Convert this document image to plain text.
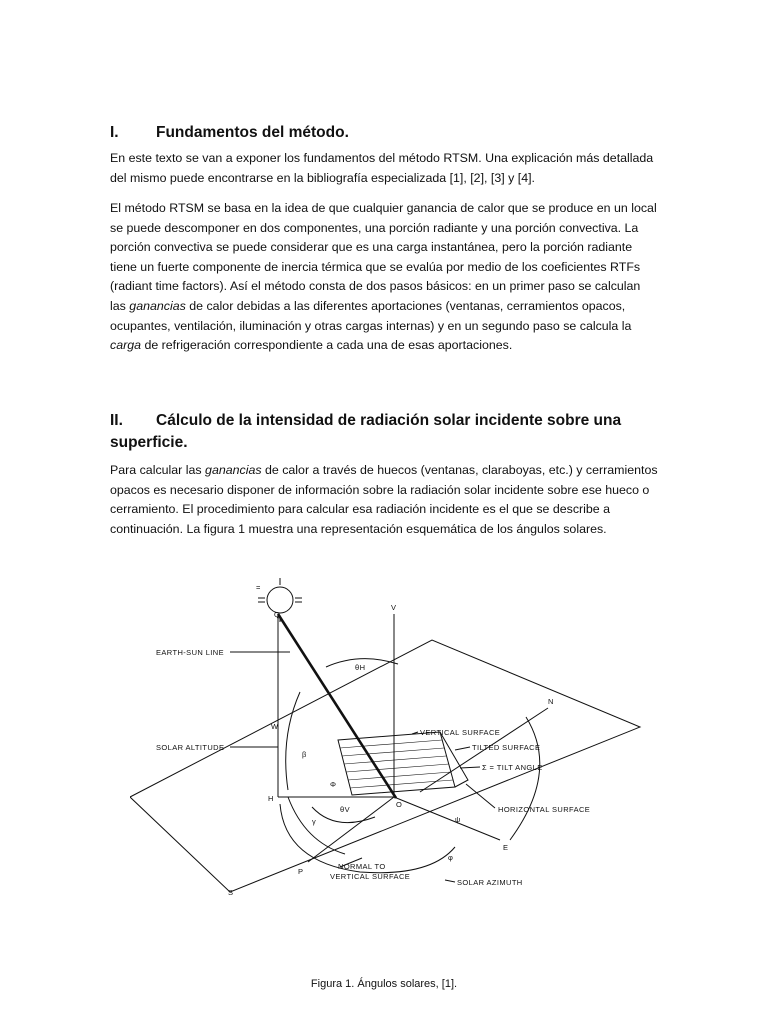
I. Fundamentos del método.

En este texto se van a exponer los fundamentos del método RTSM. Una explicación más detallada del mismo puede encontrarse en la bibliografía especializada [1], [2], [3] y [4].

El método RTSM se basa en la idea de que cualquier ganancia de calor que se produce en un local se puede descomponer en dos componentes, una porción radiante y una porción convectiva. La porción convectiva se puede considerar que es una carga instantánea, pero la porción radiante tiene un fuerte componente de inercia térmica que se evalúa por medio de los coeficientes RTFs (radiant time factors). Así el método consta de dos pasos básicos: en un primer paso se calculan las ganancias de calor debidas a las diferentes aportaciones (ventanas, cerramientos opacos, ocupantes, ventilación, iluminación y otras cargas internas) y en un segundo paso se calcula la carga de refrigeración correspondiente a cada una de esas aportaciones.

II. Cálculo de la intensidad de radiación solar incidente sobre una superficie.

Para calcular las ganancias de calor a través de huecos (ventanas, claraboyas, etc.) y cerramientos opacos es necesario disponer de información sobre la radiación solar incidente sobre ese hueco o cerramiento. El procedimiento para calcular esa radiación incidente es el que se describe a continuación. La figura 1 muestra una representación esquemática de los ángulos solares.

=
Q
V
N
S
E
O
H
P
W
β
θH
θV
Φ
γ	ψ
φ
EARTH-SUN LINE
SOLAR ALTITUDE
VERTICAL SURFACE
TILTED SURFACE
Σ = TILT ANGLE
HORIZONTAL SURFACE
NORMAL TO
VERTICAL SURFACE
SOLAR AZIMUTH
Figura 1. Ángulos solares, [1].
